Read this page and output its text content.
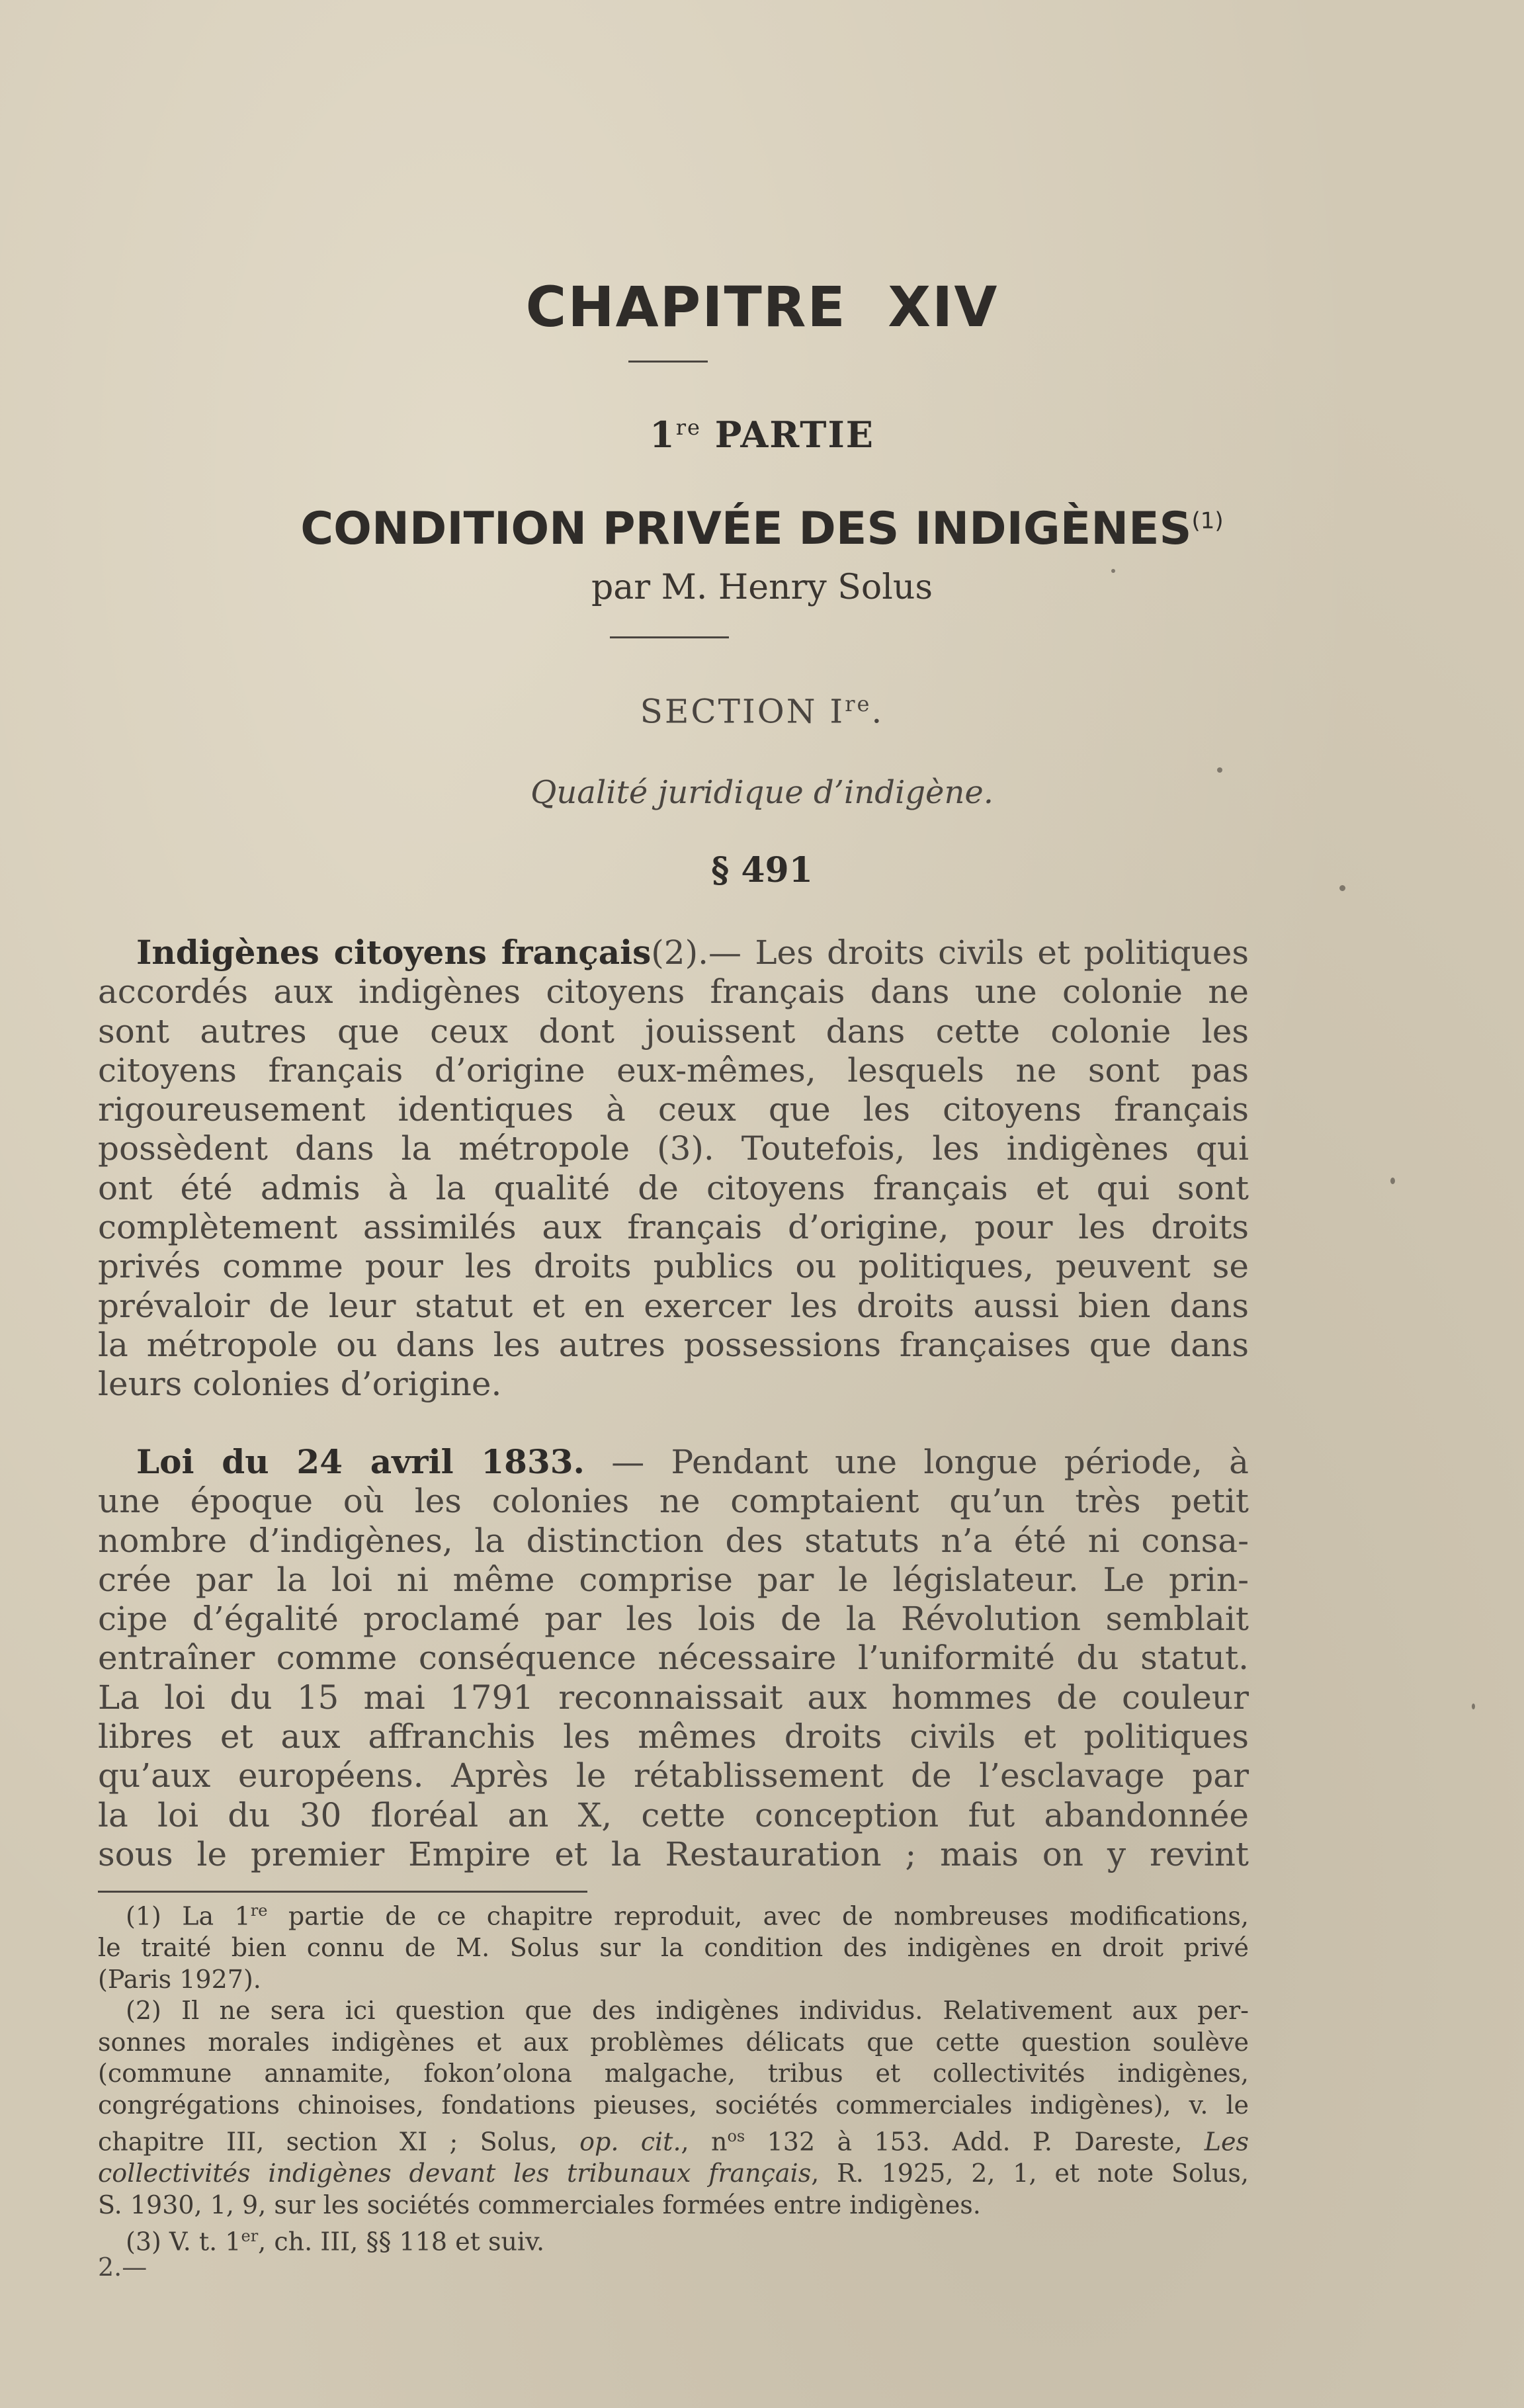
CHAPITRE  XIV
1re PARTIE
CONDITION PRIVÉE DES INDIGÈNES$^{(1)}$
par M. Henry Solus
SECTION Ire.
Qualité juridique d’indigène.
§ 491
Indigènes citoyens français(2).— Les droits civils et politiques
accordés aux indigènes citoyens français dans une colonie ne
sont autres que ceux dont jouissent dans cette colonie les
citoyens français d’origine eux-mêmes, lesquels ne sont pas
rigoureusement identiques à ceux que les citoyens français
possèdent dans la métropole (3). Toutefois, les indigènes qui
ont été admis à la qualité de citoyens français et qui sont
complètement assimilés aux français d’origine, pour les droits
privés comme pour les droits publics ou politiques, peuvent se
prévaloir de leur statut et en exercer les droits aussi bien dans
la métropole ou dans les autres possessions françaises que dans
leurs colonies d’origine.
Loi du 24 avril 1833. — Pendant une longue période, à
une époque où les colonies ne comptaient qu’un très petit
nombre d’indigènes, la distinction des statuts n’a été ni consa-
crée par la loi ni même comprise par le législateur. Le prin-
cipe d’égalité proclamé par les lois de la Révolution semblait
entraîner comme conséquence nécessaire l’uniformité du statut.
La loi du 15 mai 1791 reconnaissait aux hommes de couleur
libres et aux affranchis les mêmes droits civils et politiques
qu’aux européens. Après le rétablissement de l’esclavage par
la loi du 30 floréal an X, cette conception fut abandonnée
sous le premier Empire et la Restauration ; mais on y revint
(1) La 1re partie de ce chapitre reproduit, avec de nombreuses modifications,
le traité bien connu de M. Solus sur la condition des indigènes en droit privé
(Paris 1927).
(2) Il ne sera ici question que des indigènes individus. Relativement aux per-
sonnes morales indigènes et aux problèmes délicats que cette question soulève
(commune annamite, fokon’olona malgache, tribus et collectivités indigènes,
congrégations chinoises, fondations pieuses, sociétés commerciales indigènes), v. le
chapitre III, section XI ; Solus, op. cit., $n^{os}$ 132 à 153. Add. P. Dareste, Les
collectivités indigènes devant les tribunaux français, R. 1925, 2, 1, et note Solus,
S. 1930, 1, 9, sur les sociétés commerciales formées entre indigènes.
(3) V. t. 1er, ch. III, §§ 118 et suiv.
2.—
